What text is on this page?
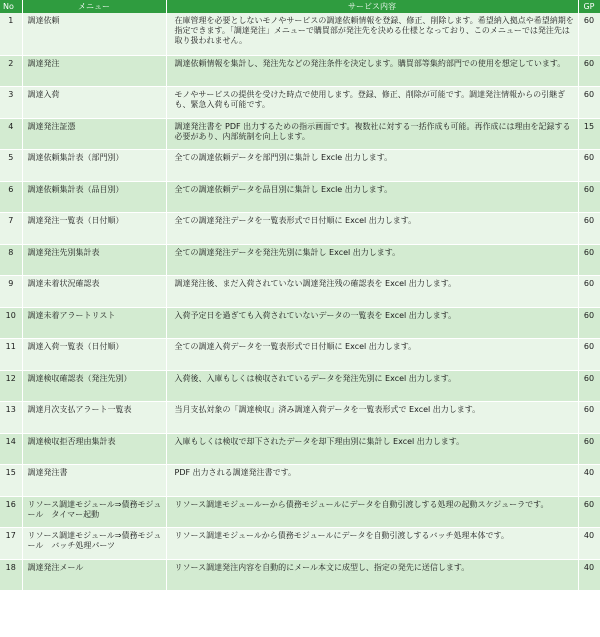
No	メニュー	サービス内容	GP
1	調達依頼	在庫管理を必要としないモノやサービスの調達依頼情報を登録、修正、削除します。希望納入拠点や希望納期を指定できます。「調達発注」メニューで購買部が発注先を決める仕様となっており、このメニューでは発注先は取り扱われません。	60
2	調達発注	調達依頼情報を集計し、発注先などの発注条件を決定します。購買部等集約部門での使用を想定しています。	60
3	調達入荷	モノやサービスの提供を受けた時点で使用します。登録、修正、削除が可能です。調達発注情報からの引継ぎも、緊急入荷も可能です。	60
4	調達発注証憑	調達発注書を PDF 出力するための指示画面です。複数社に対する一括作成も可能。再作成には理由を記録する必要があり、内部統制を向上します。	15
5	調達依頼集計表（部門別）	全ての調達依頼データを部門別に集計し Excle 出力します。	60
6	調達依頼集計表（品目別）	全ての調達依頼データを品目別に集計し Excle 出力します。	60
7	調達発注一覧表（日付順）	全ての調達発注データを一覧表形式で日付順に Excel 出力します。	60
8	調達発注先別集計表	全ての調達発注データを発注先別に集計し Excel 出力します。	60
9	調達未着状況確認表	調達発注後、まだ入荷されていない調達発注残の確認表を Excel 出力します。	60
10	調達未着アラートリスト	入荷予定日を過ぎても入荷されていないデータの一覧表を Excel 出力します。	60
11	調達入荷一覧表（日付順）	全ての調達入荷データを一覧表形式で日付順に Excel 出力します。	60
12	調達検収確認表（発注先別）	入荷後、入庫もしくは検収されているデータを発注先別に Excel 出力します。	60
13	調達月次支払アラート一覧表	当月支払対象の「調達検収」済み調達入荷データを一覧表形式で Excel 出力します。	60
14	調達検収拒否理由集計表	入庫もしくは検収で却下されたデータを却下理由別に集計し Excel 出力します。	60
15	調達発注書	PDF 出力される調達発注書です。	40
16	リソース調達モジュール⇒債務モジュール　タイマー起動	リソース調達モジュールーから債務モジュールにデータを自動引渡しする処理の起動スケジューラです。	60
17	リソース調達モジュール⇒債務モジュール　バッチ処理パーツ	リソース調達モジュールから債務モジュールにデータを自動引渡しするバッチ処理本体です。	40
18	調達発注メール	リソース調達発注内容を自動的にメール本文に成型し、指定の発先に送信します。	40
